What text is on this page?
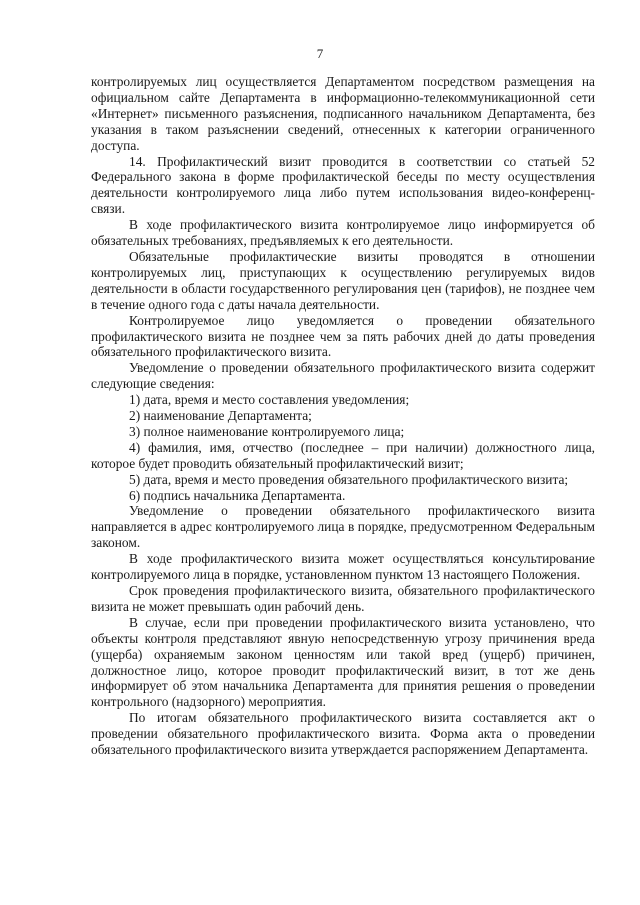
7

контролируемых лиц осуществляется Департаментом посредством размещения на официальном сайте Департамента в информационно-телекоммуникационной сети «Интернет» письменного разъяснения, подписанного начальником Департамента, без указания в таком разъяснении сведений, отнесенных к категории ограниченного доступа.

14. Профилактический визит проводится в соответствии со статьей 52 Федерального закона в форме профилактической беседы по месту осуществления деятельности контролируемого лица либо путем использования видео-конференц-связи.

В ходе профилактического визита контролируемое лицо информируется об обязательных требованиях, предъявляемых к его деятельности.

Обязательные профилактические визиты проводятся в отношении контролируемых лиц, приступающих к осуществлению регулируемых видов деятельности в области государственного регулирования цен (тарифов), не позднее чем в течение одного года с даты начала деятельности.

Контролируемое лицо уведомляется о проведении обязательного профилактического визита не позднее чем за пять рабочих дней до даты проведения обязательного профилактического визита.

Уведомление о проведении обязательного профилактического визита содержит следующие сведения:

1) дата, время и место составления уведомления;

2) наименование Департамента;

3) полное наименование контролируемого лица;

4) фамилия, имя, отчество (последнее – при наличии) должностного лица, которое будет проводить обязательный профилактический визит;

5) дата, время и место проведения обязательного профилактического визита;

6) подпись начальника Департамента.

Уведомление о проведении обязательного профилактического визита направляется в адрес контролируемого лица в порядке, предусмотренном Федеральным законом.

В ходе профилактического визита может осуществляться консультирование контролируемого лица в порядке, установленном пунктом 13 настоящего Положения.

Срок проведения профилактического визита, обязательного профилактического визита не может превышать один рабочий день.

В случае, если при проведении профилактического визита установлено, что объекты контроля представляют явную непосредственную угрозу причинения вреда (ущерба) охраняемым законом ценностям или такой вред (ущерб) причинен, должностное лицо, которое проводит профилактический визит, в тот же день информирует об этом начальника Департамента для принятия решения о проведении контрольного (надзорного) мероприятия.

По итогам обязательного профилактического визита составляется акт о проведении обязательного профилактического визита. Форма акта о проведении обязательного профилактического визита утверждается распоряжением Департамента.
